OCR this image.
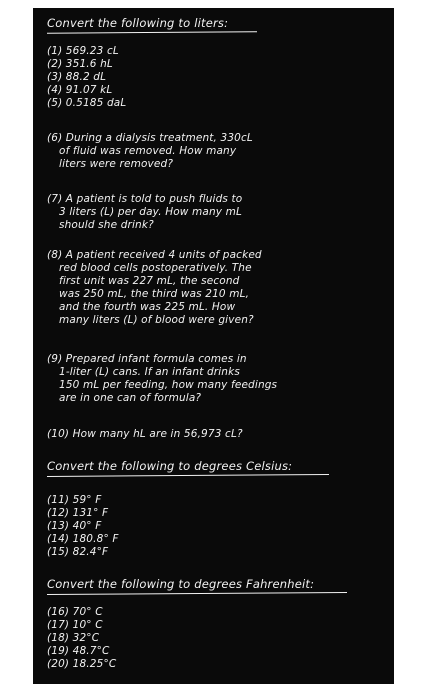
Convert the following to liters:
(1) 569.23 cL
(2) 351.6 hL
(3) 88.2 dL
(4) 91.07 kL
(5) 0.5185 daL
(6) During a dialysis treatment, 330cL
of fluid was removed. How many
liters were removed?
(7) A patient is told to push fluids to
3 liters (L) per day. How many mL
should she drink?
(8) A patient received 4 units of packed
red blood cells postoperatively. The
first unit was 227 mL, the second
was 250 mL, the third was 210 mL,
and the fourth was 225 mL. How
many liters (L) of blood were given?
(9) Prepared infant formula comes in
1-liter (L) cans. If an infant drinks
150 mL per feeding, how many feedings
are in one can of formula?
(10) How many hL are in 56,973 cL?
Convert the following to degrees Celsius:
(11) 59° F
(12) 131° F
(13) 40° F
(14) 180.8° F
(15) 82.4°F
Convert the following to degrees Fahrenheit:
(16) 70° C
(17) 10° C
(18) 32°C
(19) 48.7°C
(20) 18.25°C
